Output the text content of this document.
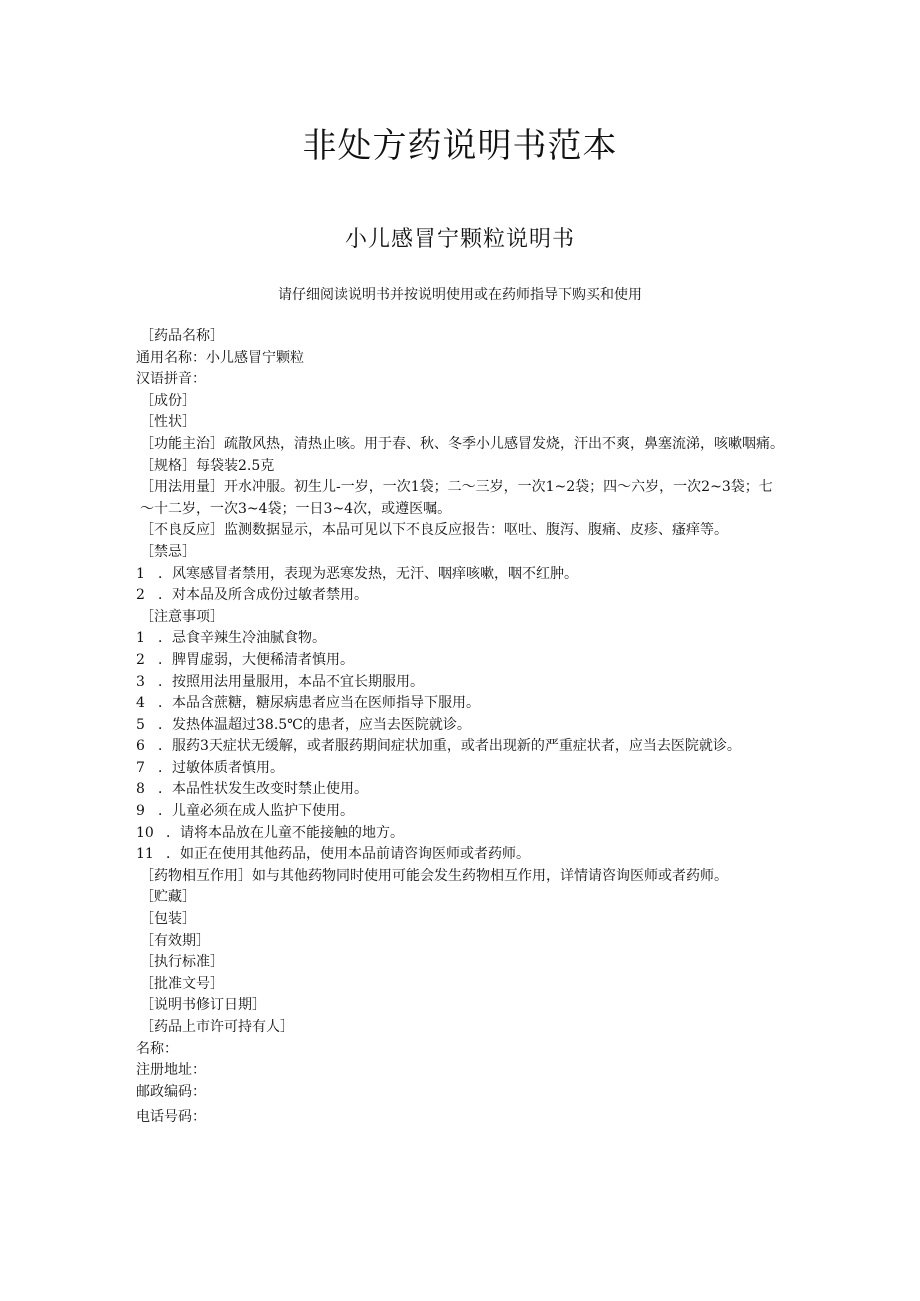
非处方药说明书范本
小儿感冒宁颗粒说明书

请仔细阅读说明书并按说明使用或在药师指导下购买和使用

［药品名称］
通用名称：小儿感冒宁颗粒
汉语拼音：
［成份］
［性状］
［功能主治］疏散风热，清热止咳。用于春、秋、冬季小儿感冒发烧，汗出不爽，鼻塞流涕，咳嗽咽痛。
［规格］每袋装2.5克
［用法用量］开水冲服。初生儿-一岁，一次1袋；二～三岁，一次1~2袋；四～六岁，一次2~3袋；七～十二岁，一次3~4袋；一日3~4次，或遵医嘱。
［不良反应］监测数据显示，本品可见以下不良反应报告：呕吐、腹泻、腹痛、皮疹、瘙痒等。
［禁忌］
1 ．风寒感冒者禁用，表现为恶寒发热，无汗、咽痒咳嗽，咽不红肿。
2 ．对本品及所含成份过敏者禁用。
［注意事项］
1 ．忌食辛辣生冷油腻食物。
2 ．脾胃虚弱，大便稀清者慎用。
3 ．按照用法用量服用，本品不宜长期服用。
4 ．本品含蔗糖，糖尿病患者应当在医师指导下服用。
5 ．发热体温超过38.5℃的患者，应当去医院就诊。
6 ．服药3天症状无缓解，或者服药期间症状加重，或者出现新的严重症状者，应当去医院就诊。
7 ．过敏体质者慎用。
8 ．本品性状发生改变时禁止使用。
9 ．儿童必须在成人监护下使用。
10 ．请将本品放在儿童不能接触的地方。
11 ．如正在使用其他药品，使用本品前请咨询医师或者药师。
［药物相互作用］如与其他药物同时使用可能会发生药物相互作用，详情请咨询医师或者药师。
［贮藏］
［包装］
［有效期］
［执行标准］
［批准文号］
［说明书修订日期］
［药品上市许可持有人］
名称：
注册地址：
邮政编码：
电话号码：
